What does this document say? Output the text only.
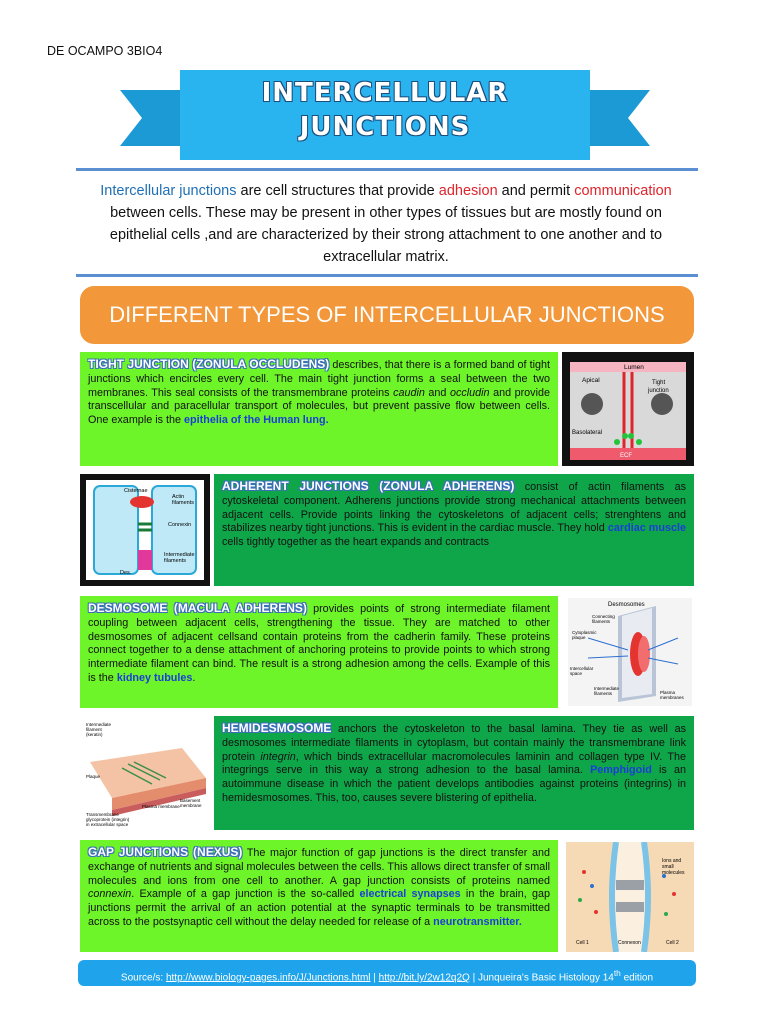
DE OCAMPO 3BIO4
INTERCELLULAR
JUNCTIONS
Intercellular junctions are cell structures that provide adhesion and permit communication between cells. These may be present in other types of tissues but are mostly found on epithelial cells ,and are characterized by their strong attachment to one another and to extracellular matrix.
DIFFERENT TYPES OF INTERCELLULAR JUNCTIONS
TIGHT JUNCTION (ZONULA OCCLUDENS) describes, that there is a formed band of tight junctions which encircles every cell. The main tight junction forms a seal between the two membranes. This seal consists of the transmembrane proteins caudin and occludin and provide transcellular and paracellular transport of molecules, but prevent passive flow between cells. One example is the epithelia of the Human lung.
Lumen
Apical	Tight
junction
Basolateral
ECF
Cisternae
Actin
filaments
Connexin
Intermediate
filaments
Des.
ADHERENT JUNCTIONS (ZONULA ADHERENS) consist of actin filaments as cytoskeletal component. Adherens junctions provide strong mechanical attachments between adjacent cells. Provide points linking the cytoskeletons of adjacent cells; strenghtens and stabilizes nearby tight junctions. This is evident in the cardiac muscle. They hold cardiac muscle cells tightly together as the heart expands and contracts
DESMOSOME (MACULA ADHERENS) provides points of strong intermediate filament coupling between adjacent cells, strengthening the tissue. They are matched to other desmosomes of adjacent cellsand contain proteins from the cadherin family. These proteins connect together to a dense attachment of anchoring proteins to provide points to which strong intermediate filament can bind. The result is a strong adhesion among the cells. Example of this is the kidney tubules.
Desmosomes
Connecting
filaments
Cytoplasmic
plaque
Intercellular
space
Intermediate
filaments	Plasma
membranes
Intermediate
filament
(keratin)
Plaque
Plasma membrane
Basement
membrane
Transmembrane
glycoprotein (integrin)
in extracellular space
HEMIDESMOSOME anchors the cytoskeleton to the basal lamina. They tie as well as desmosomes intermediate filaments in cytoplasm, but contain mainly the transmembrane link protein integrin, which binds extracellular macromolecules laminin and collagen type IV. The integrings serve in this way a strong adhesion to the basal lamina. Pemphigoid is an autoimmune disease in which the patient develops antibodies against proteins (integrins) in hemidesmosomes. This, too, causes severe blistering of epithelia.
GAP JUNCTIONS (NEXUS) The major function of gap junctions is the direct transfer and exchange of nutrients and signal molecules between the cells. This allows direct transfer of small molecules and ions from one cell to another. A gap junction consists of proteins named connexin. Example of a gap junction is the so-called electrical synapses in the brain, gap junctions permit the arrival of an action potential at the synaptic terminals to be transmitted across to the postsynaptic cell without the delay needed for release of a neurotransmitter.
Ions and
small
molecules
Cell 1	Connexon	Cell 2
Source/s: http://www.biology-pages.info/J/Junctions.html | http://bit.ly/2w12q2Q | Junqueira's Basic Histology 14th edition
